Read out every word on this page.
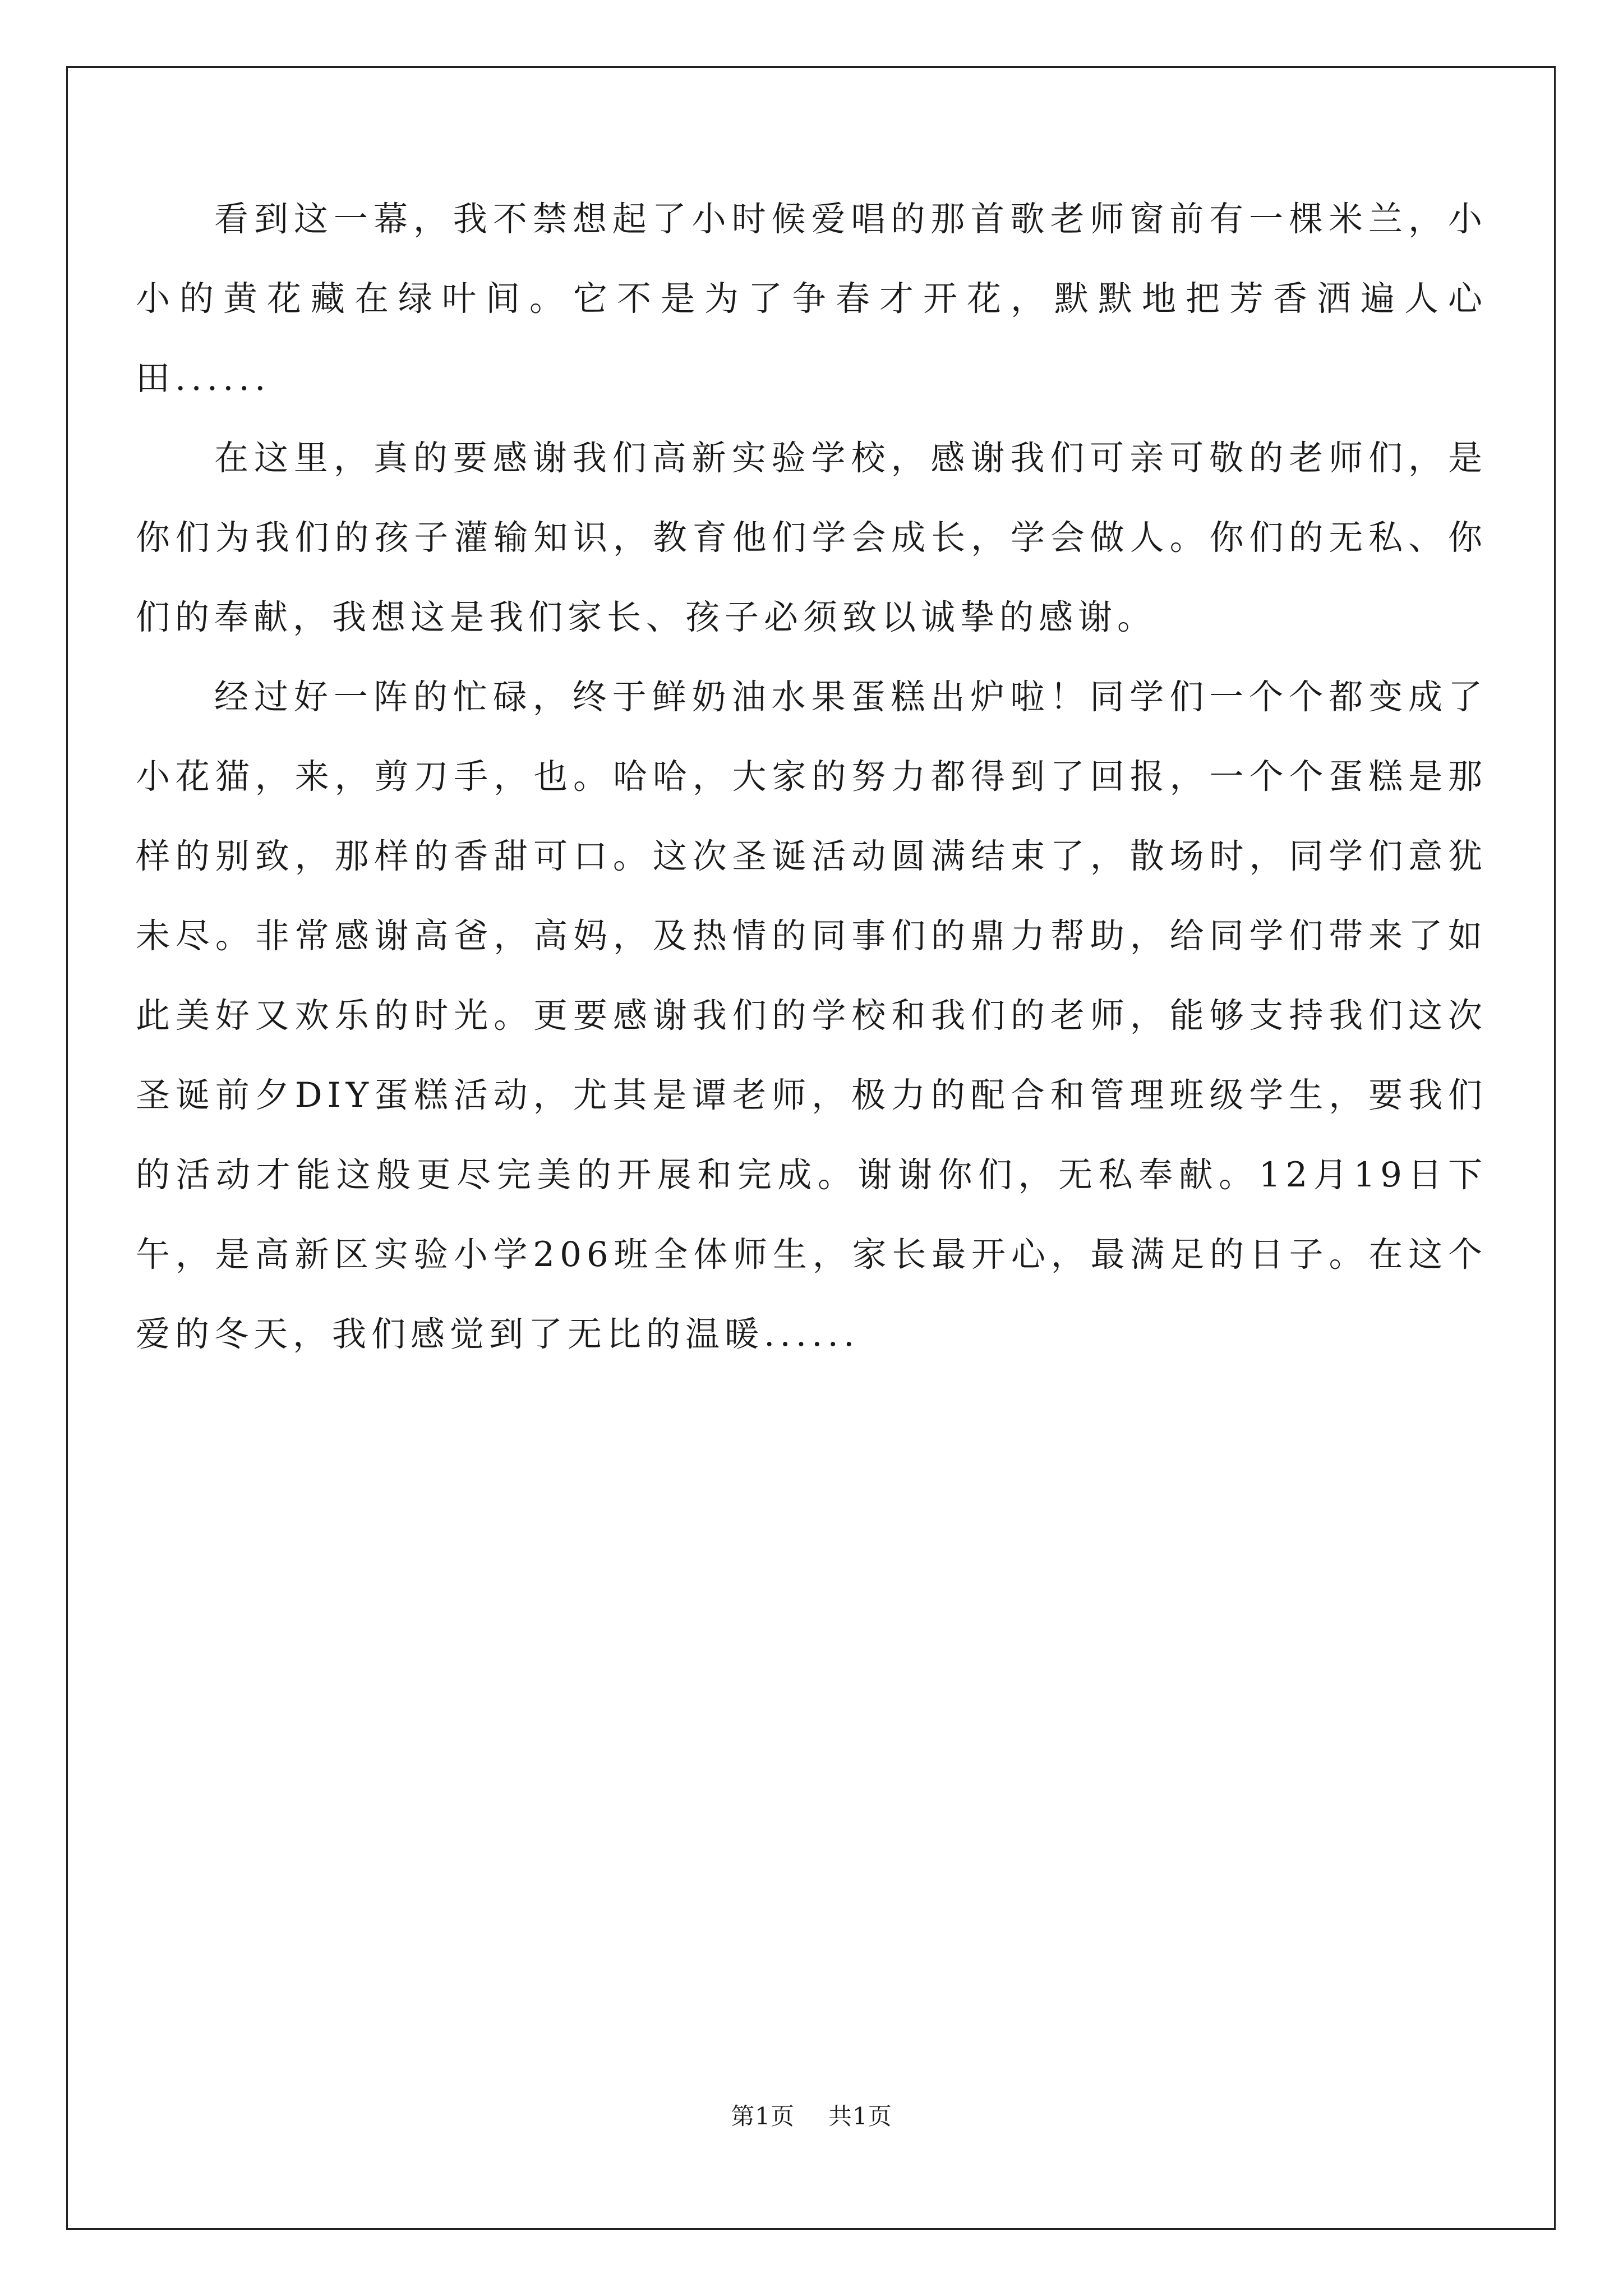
看到这一幕，我不禁想起了小时候爱唱的那首歌老师窗前有一棵米兰，小小的黄花藏在绿叶间。它不是为了争春才开花，默默地把芳香洒遍人心田......

在这里，真的要感谢我们高新实验学校，感谢我们可亲可敬的老师们，是你们为我们的孩子灌输知识，教育他们学会成长，学会做人。你们的无私、你们的奉献，我想这是我们家长、孩子必须致以诚挚的感谢。

经过好一阵的忙碌，终于鲜奶油水果蛋糕出炉啦！同学们一个个都变成了小花猫，来，剪刀手，也。哈哈，大家的努力都得到了回报，一个个蛋糕是那样的别致，那样的香甜可口。这次圣诞活动圆满结束了，散场时，同学们意犹未尽。非常感谢高爸，高妈，及热情的同事们的鼎力帮助，给同学们带来了如此美好又欢乐的时光。更要感谢我们的学校和我们的老师，能够支持我们这次圣诞前夕DIY蛋糕活动，尤其是谭老师，极力的配合和管理班级学生，要我们的活动才能这般更尽完美的开展和完成。谢谢你们，无私奉献。12月19日下午，是高新区实验小学206班全体师生，家长最开心，最满足的日子。在这个爱的冬天，我们感觉到了无比的温暖......

第1页 共1页
